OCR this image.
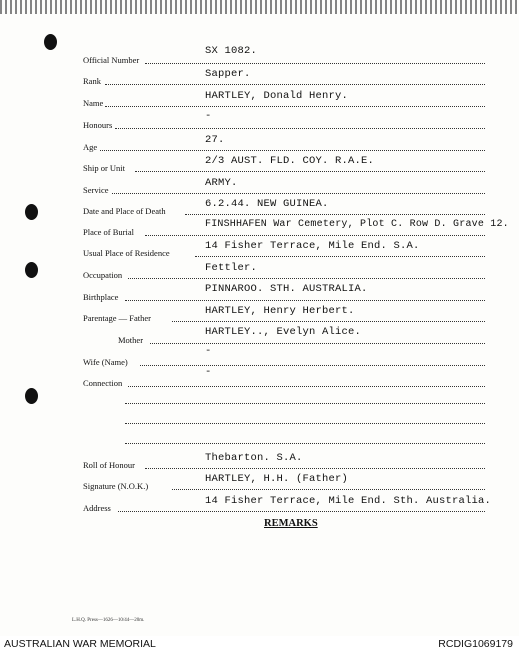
Official Number
SX 1082.
Rank
Sapper.
Name
HARTLEY, Donald Henry.
Honours
-
Age
27.
Ship or Unit
2/3 AUST. FLD. COY. R.A.E.
Service
ARMY.
Date and Place of Death
6.2.44. NEW GUINEA.
Place of Burial
FINSHHAFEN War Cemetery, Plot C. Row D. Grave 12.
Usual Place of Residence
14 Fisher Terrace, Mile End. S.A.
Occupation
Fettler.
Birthplace
PINNAROO. STH. AUSTRALIA.
Parentage — Father
HARTLEY, Henry Herbert.
Mother
HARTLEY.., Evelyn Alice.
Wife (Name)
-
Connection
-
Roll of Honour
Thebarton. S.A.
Signature (N.O.K.)
HARTLEY, H.H. (Father)
Address
14 Fisher Terrace, Mile End. Sth. Australia.
REMARKS
L.H.Q. Press—1626—10/44—20m.
AUSTRALIAN WAR MEMORIAL	RCDIG1069179
